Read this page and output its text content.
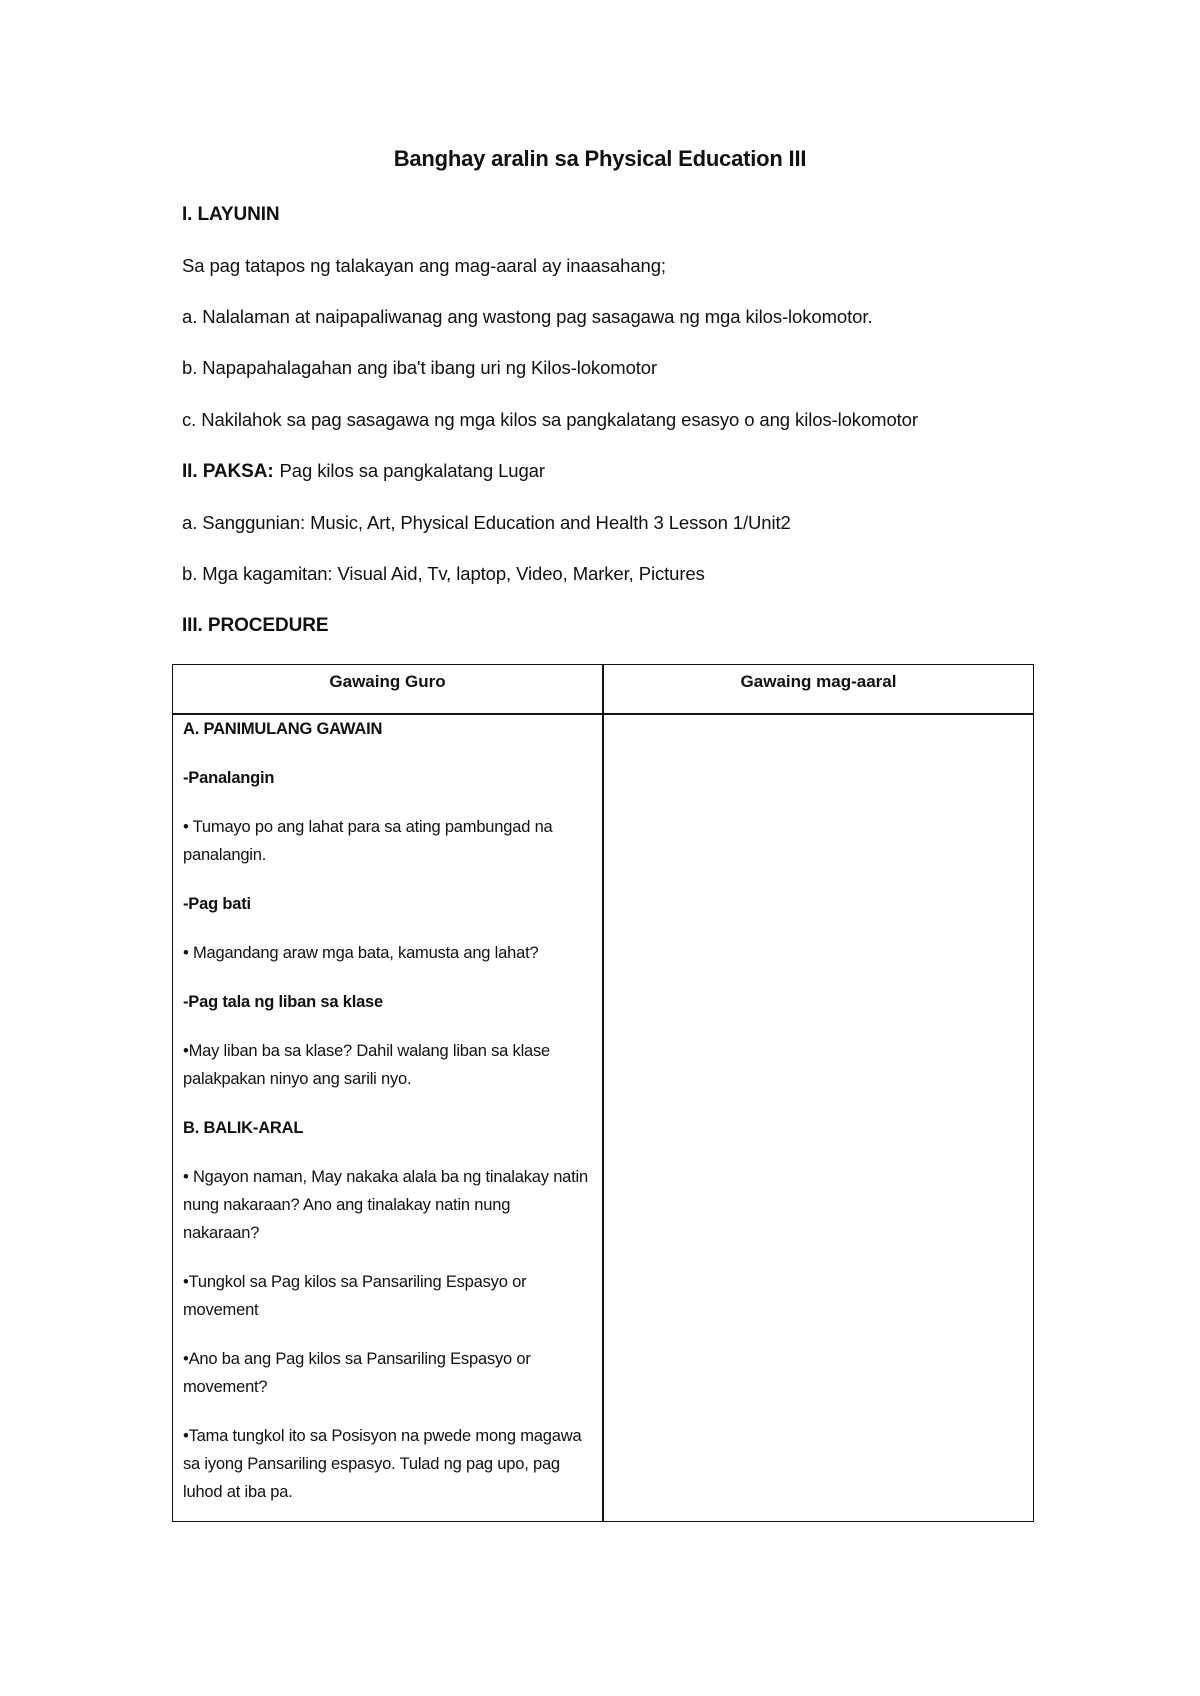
Banghay aralin sa Physical Education III
I. LAYUNIN
Sa pag tatapos ng talakayan ang mag-aaral ay inaasahang;
a. Nalalaman at naipapaliwanag ang wastong pag sasagawa ng mga kilos-lokomotor.
b. Napapahalagahan ang iba't ibang uri ng Kilos-lokomotor
c. Nakilahok sa pag sasagawa ng mga kilos sa pangkalatang esasyo o ang kilos-lokomotor
II. PAKSA: Pag kilos sa pangkalatang Lugar
a. Sanggunian: Music, Art, Physical Education and Health 3 Lesson 1/Unit2
b. Mga kagamitan: Visual Aid, Tv, laptop, Video, Marker, Pictures
III. PROCEDURE
Gawaing Guro	Gawaing mag-aaral

A. PANIMULANG GAWAIN

-Panalangin

• Tumayo po ang lahat para sa ating pambungad na panalangin.

-Pag bati

• Magandang araw mga bata, kamusta ang lahat?

-Pag tala ng liban sa klase

•May liban ba sa klase? Dahil walang liban sa klase palakpakan ninyo ang sarili nyo.

B. BALIK-ARAL

• Ngayon naman, May nakaka alala ba ng tinalakay natin nung nakaraan? Ano ang tinalakay natin nung nakaraan?

•Tungkol sa Pag kilos sa Pansariling Espasyo or movement

•Ano ba ang Pag kilos sa Pansariling Espasyo or movement?

•Tama tungkol ito sa Posisyon na pwede mong magawa sa iyong Pansariling espasyo. Tulad ng pag upo, pag luhod at iba pa.
